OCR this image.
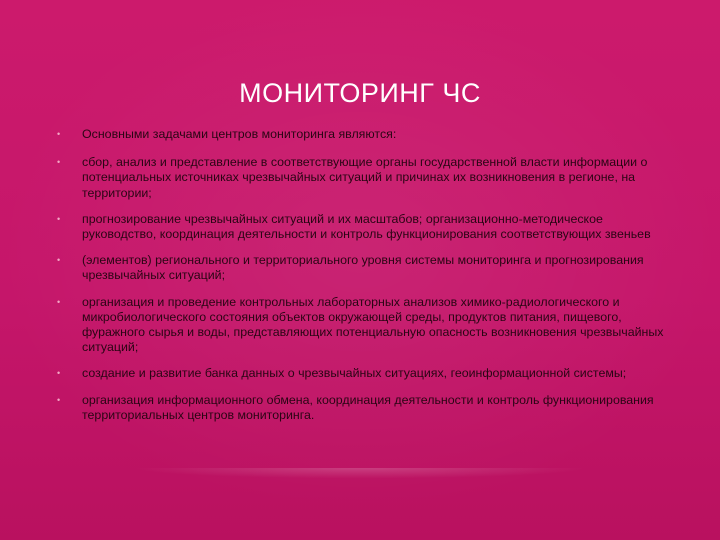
МОНИТОРИНГ ЧС
• Основными задачами центров мониторинга являются:
• сбор, анализ и представление в соответствующие органы государственной власти информации о потенциальных источниках чрезвычайных ситуаций и причинах их возникновения в регионе, на территории;
• прогнозирование чрезвычайных ситуаций и их масштабов; организационно-методическое руководство, координация деятельности и контроль функционирования соответствующих звеньев
• (элементов) регионального и территориального уровня системы мониторинга и прогнозирования чрезвычайных ситуаций;
• организация и проведение контрольных лабораторных анализов химико-радиологического и микробиологического состояния объектов окружающей среды, продуктов питания, пищевого, фуражного сырья и воды, представляющих потенциальную опасность возникновения чрезвычайных ситуаций;
• создание и развитие банка данных о чрезвычайных ситуациях, геоинформационной системы;
• организация информационного обмена, координация деятельности и контроль функционирования территориальных центров мониторинга.
